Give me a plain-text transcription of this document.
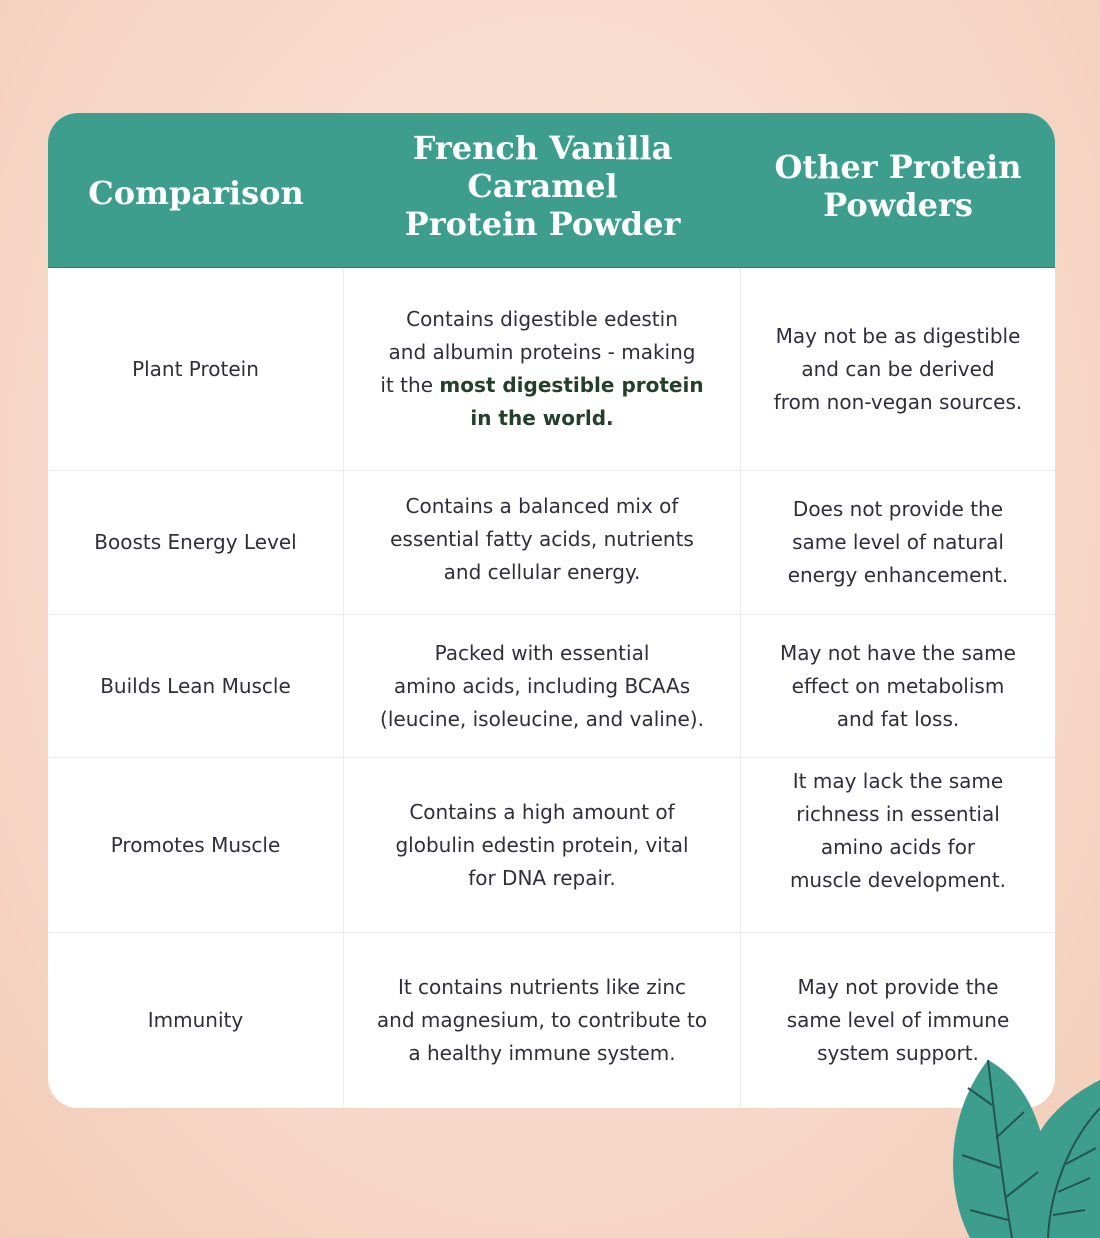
Comparison
French Vanilla Caramel
Protein Powder
Other Protein
Powders
Plant Protein
Contains digestible edestin
and albumin proteins - making
it the most digestible protein
in the world.
May not be as digestible
and can be derived
from non-vegan sources.
Boosts Energy Level
Contains a balanced mix of
essential fatty acids, nutrients
and cellular energy.
Does not provide the
same level of natural
energy enhancement.
Builds Lean Muscle
Packed with essential
amino acids, including BCAAs
(leucine, isoleucine, and valine).
May not have the same
effect on metabolism
and fat loss.
Promotes Muscle
Contains a high amount of
globulin edestin protein, vital
for DNA repair.
It may lack the same
richness in essential
amino acids for
muscle development.
Immunity
It contains nutrients like zinc
and magnesium, to contribute to
a healthy immune system.
May not provide the
same level of immune
system support.
